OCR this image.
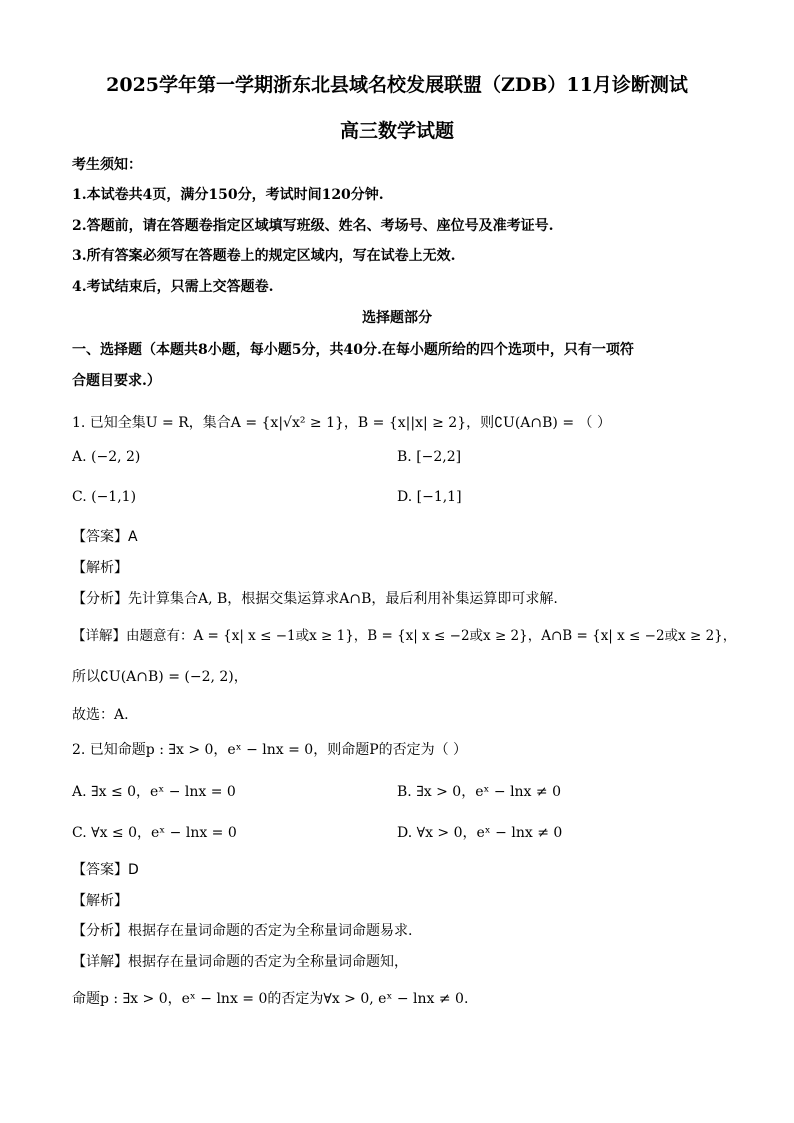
2025学年第一学期浙东北县域名校发展联盟（ZDB）11月诊断测试
高三数学试题
考生须知：
1.本试卷共4页，满分150分，考试时间120分钟.
2.答题前，请在答题卷指定区域填写班级、姓名、考场号、座位号及准考证号.
3.所有答案必须写在答题卷上的规定区域内，写在试卷上无效.
4.考试结束后，只需上交答题卷.
选择题部分
一、选择题（本题共8小题，每小题5分，共40分.在每小题所给的四个选项中，只有一项符
合题目要求.）
1. 已知全集U = R，集合A = {x|√x² ≥ 1}，B = {x||x| ≥ 2}，则∁U(A∩B) = （ ）
A. (−2, 2)	B. [−2,2]
C. (−1,1)	D. [−1,1]
【答案】A
【解析】
【分析】先计算集合A, B，根据交集运算求A∩B，最后利用补集运算即可求解.
【详解】由题意有：A = {x| x ≤ −1或x ≥ 1}，B = {x| x ≤ −2或x ≥ 2}，A∩B = {x| x ≤ −2或x ≥ 2}，
所以∁U(A∩B) = (−2, 2)，
故选：A.
2. 已知命题p : ∃x > 0，eˣ − lnx = 0，则命题P的否定为（ ）
A. ∃x ≤ 0，eˣ − lnx = 0	B. ∃x > 0，eˣ − lnx ≠ 0
C. ∀x ≤ 0，eˣ − lnx = 0	D. ∀x > 0，eˣ − lnx ≠ 0
【答案】D
【解析】
【分析】根据存在量词命题的否定为全称量词命题易求.
【详解】根据存在量词命题的否定为全称量词命题知，
命题p : ∃x > 0，eˣ − lnx = 0的否定为∀x > 0, eˣ − lnx ≠ 0.
